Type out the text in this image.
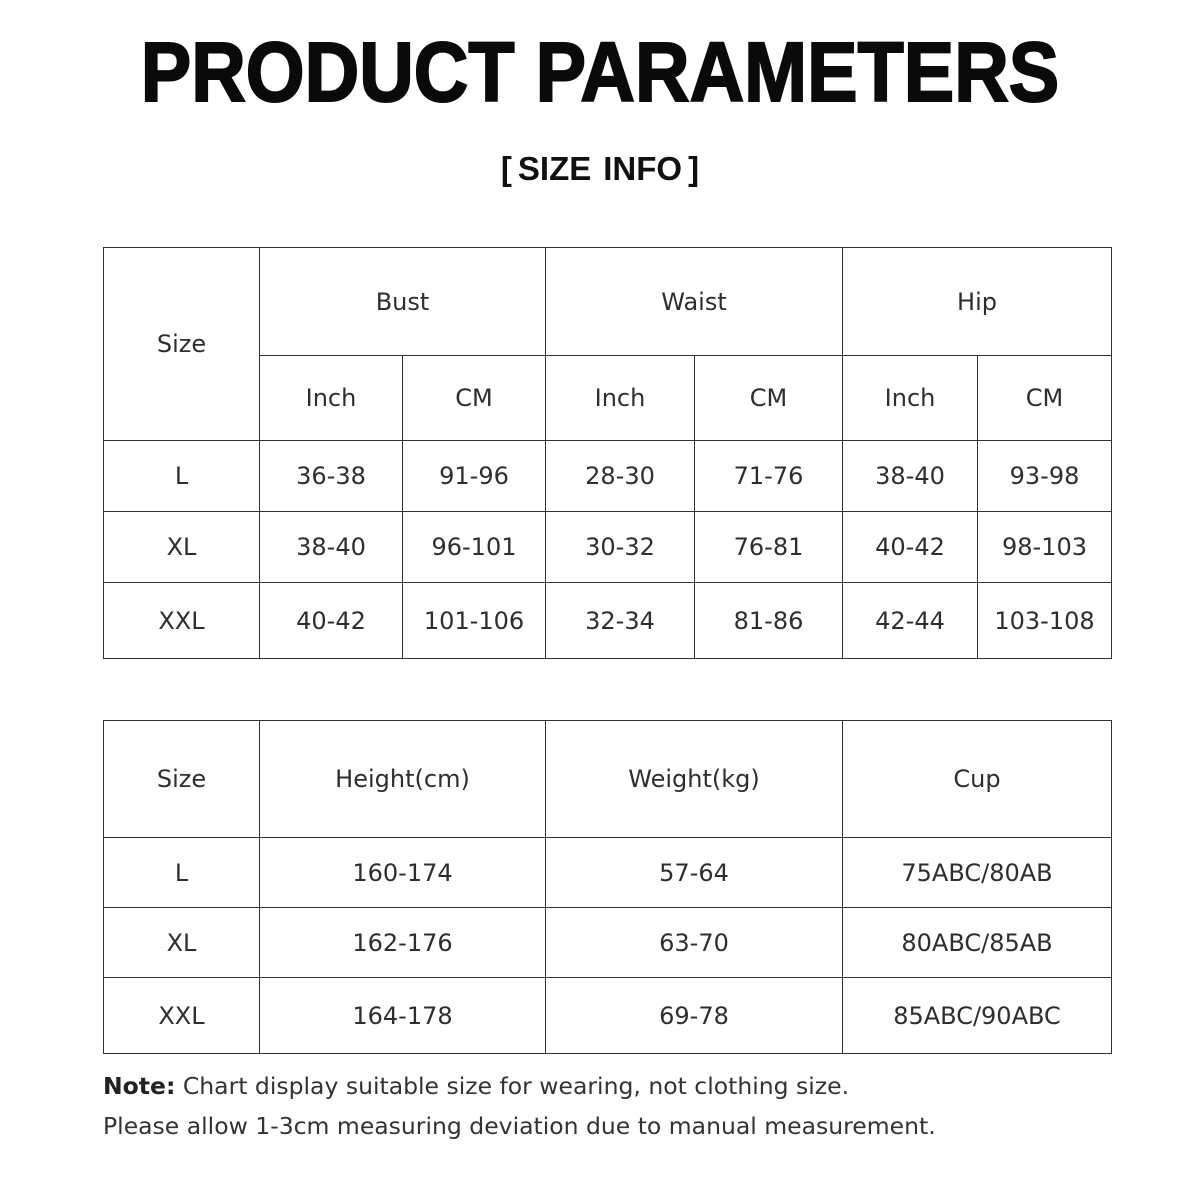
PRODUCT PARAMETERS
[ SIZE INFO ]
Size	Bust		Waist		Hip	
	Inch	CM	Inch	CM	Inch	CM
L	36-38	91-96	28-30	71-76	38-40	93-98
XL	38-40	96-101	30-32	76-81	40-42	98-103
XXL	40-42	101-106	32-34	81-86	42-44	103-108
Size	Height(cm)	Weight(kg)	Cup
L	160-174	57-64	75ABC/80AB
XL	162-176	63-70	80ABC/85AB
XXL	164-178	69-78	85ABC/90ABC
Note: Chart display suitable size for wearing, not clothing size.
Please allow 1-3cm measuring deviation due to manual measurement.
